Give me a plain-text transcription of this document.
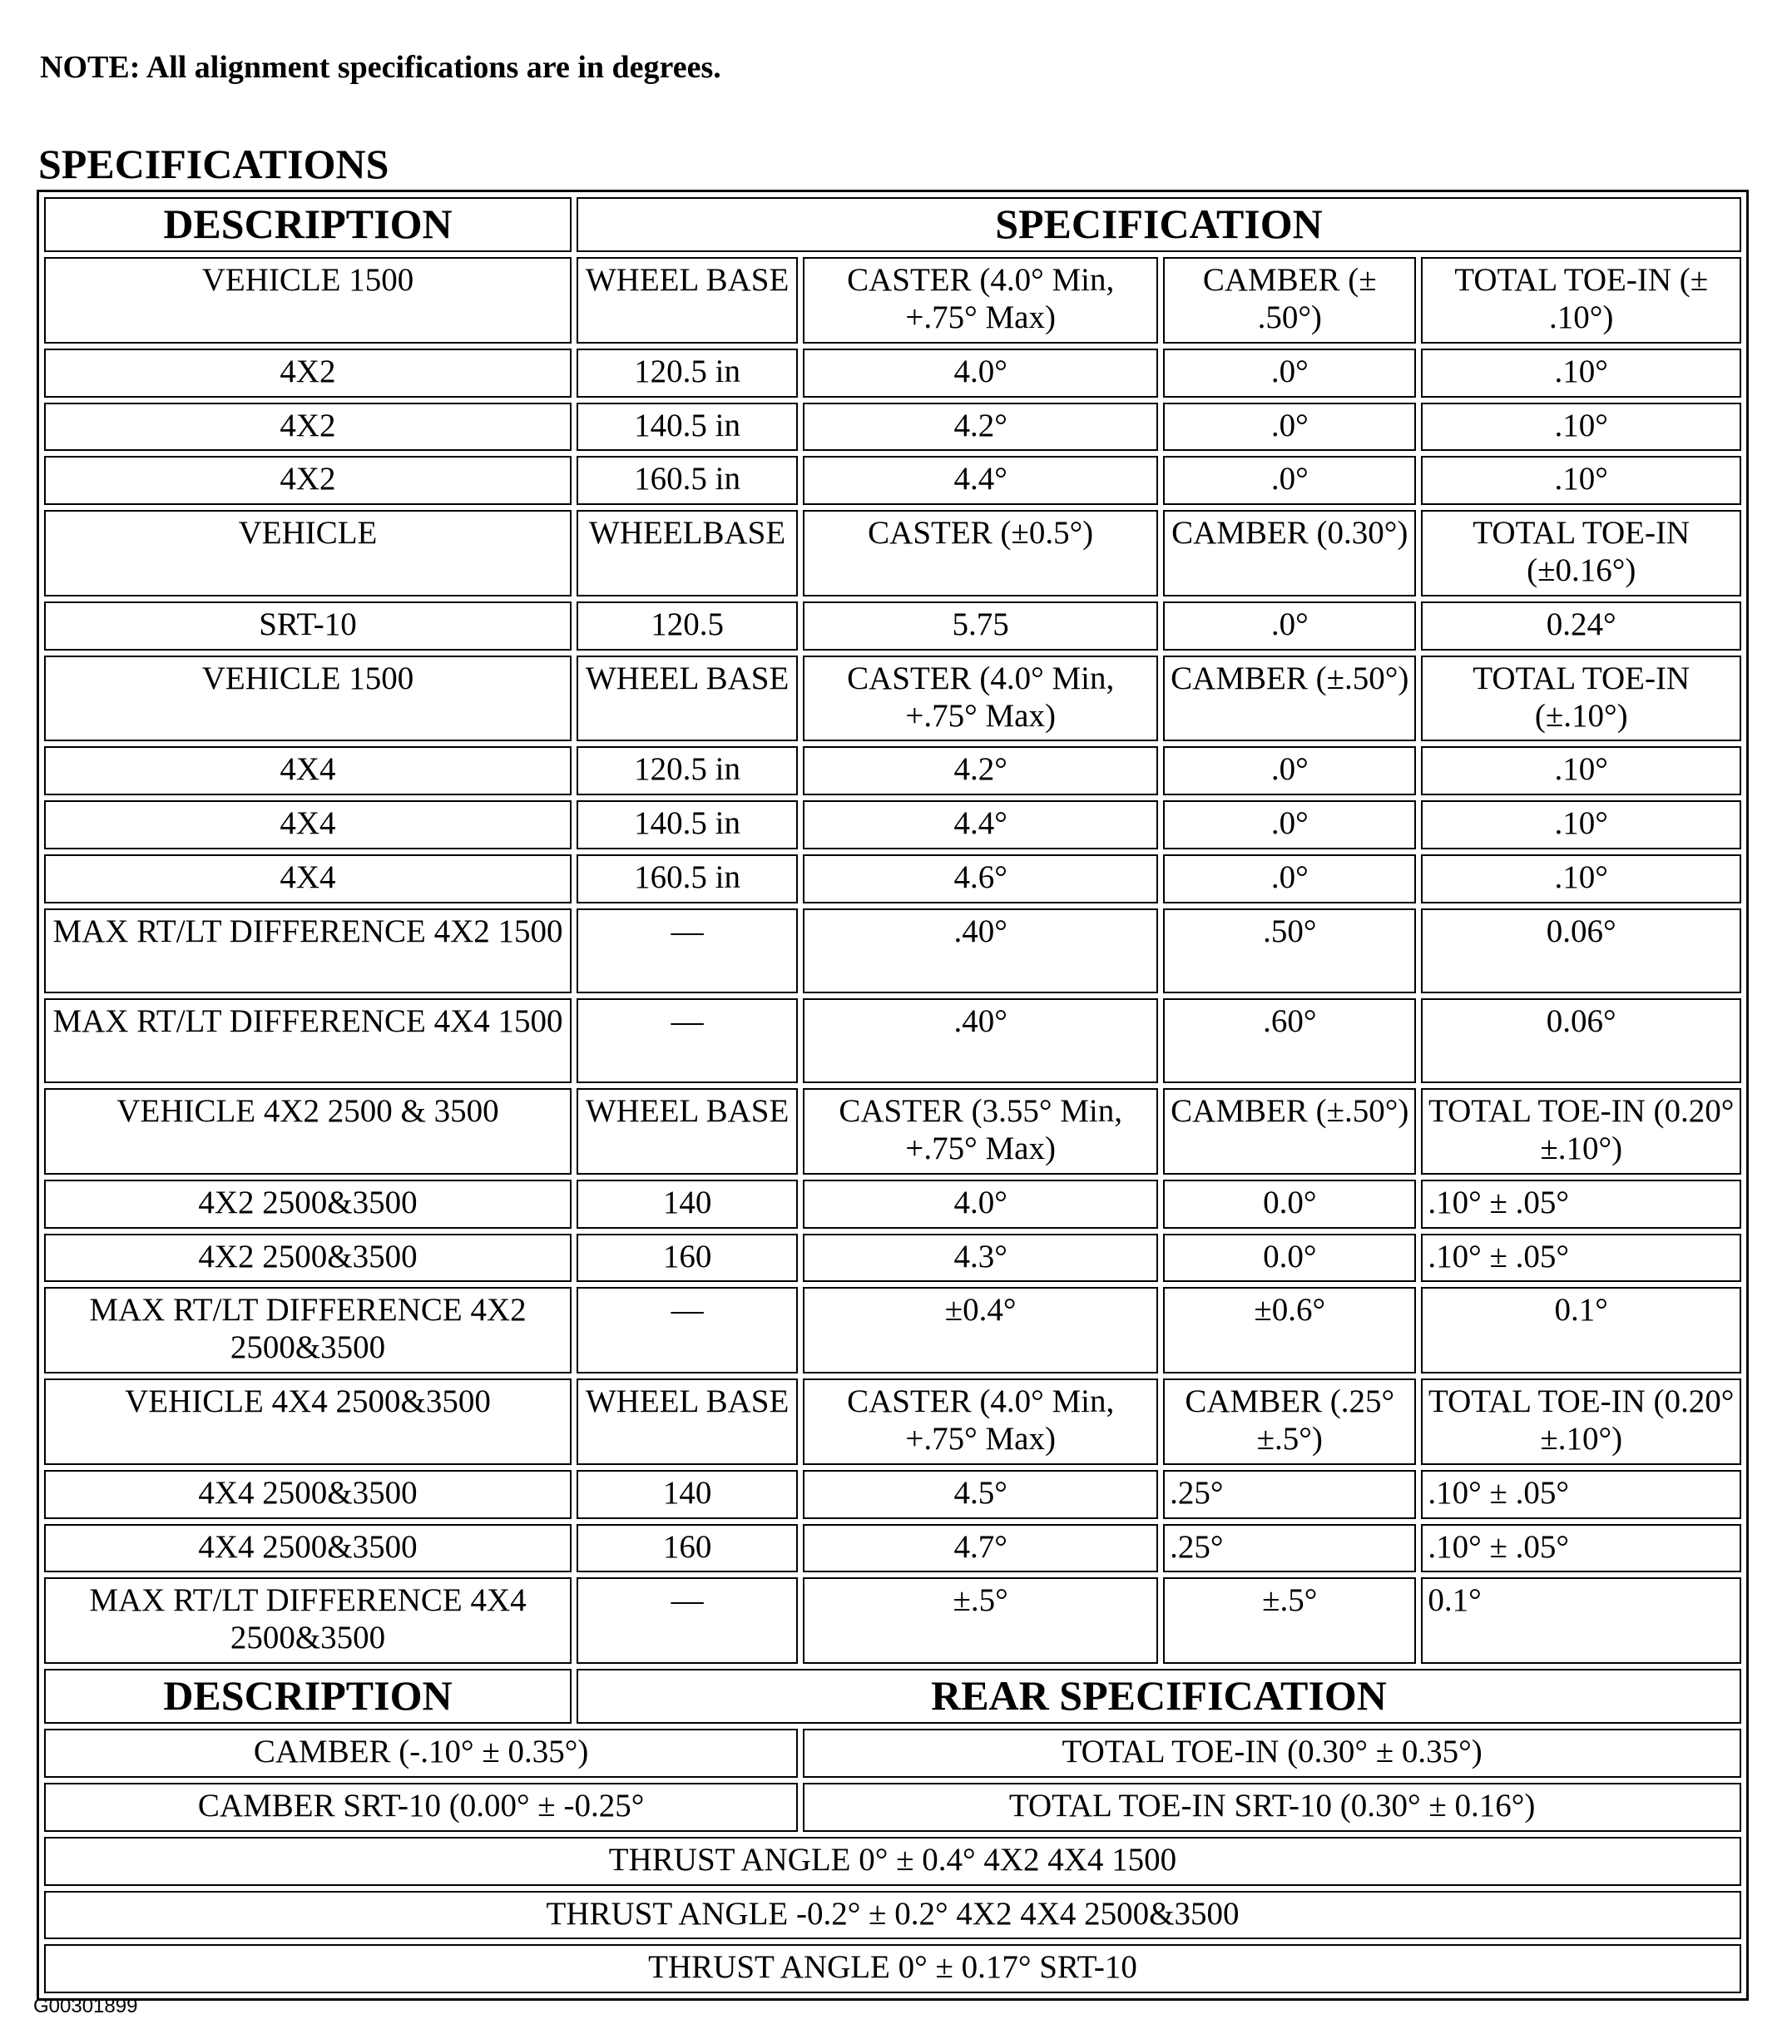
NOTE: All alignment specifications are in degrees.
SPECIFICATIONS
DESCRIPTION	SPECIFICATION			
VEHICLE 1500	WHEEL BASE	CASTER (4.0° Min, +.75° Max)	CAMBER (± .50°)	TOTAL TOE-IN (± .10°)
4X2	120.5 in	4.0°	.0°	.10°
4X2	140.5 in	4.2°	.0°	.10°
4X2	160.5 in	4.4°	.0°	.10°
VEHICLE	WHEELBASE	CASTER (±0.5°)	CAMBER (0.30°)	TOTAL TOE-IN (±0.16°)
SRT-10	120.5	5.75	.0°	0.24°
VEHICLE 1500	WHEEL BASE	CASTER (4.0° Min, +.75° Max)	CAMBER (±.50°)	TOTAL TOE-IN (±.10°)
4X4	120.5 in	4.2°	.0°	.10°
4X4	140.5 in	4.4°	.0°	.10°
4X4	160.5 in	4.6°	.0°	.10°
MAX RT/LT DIFFERENCE 4X2 1500	—	.40°	.50°	0.06°
MAX RT/LT DIFFERENCE 4X4 1500	—	.40°	.60°	0.06°
VEHICLE 4X2 2500 & 3500	WHEEL BASE	CASTER (3.55° Min, +.75° Max)	CAMBER (±.50°)	TOTAL TOE-IN (0.20° ±.10°)
4X2 2500&3500	140	4.0°	0.0°	.10° ± .05°
4X2 2500&3500	160	4.3°	0.0°	.10° ± .05°
MAX RT/LT DIFFERENCE 4X2 2500&3500	—	±0.4°	±0.6°	0.1°
VEHICLE 4X4 2500&3500	WHEEL BASE	CASTER (4.0° Min, +.75° Max)	CAMBER (.25° ±.5°)	TOTAL TOE-IN (0.20° ±.10°)
4X4 2500&3500	140	4.5°	.25°	.10° ± .05°
4X4 2500&3500	160	4.7°	.25°	.10° ± .05°
MAX RT/LT DIFFERENCE 4X4 2500&3500	—	±.5°	±.5°	0.1°
DESCRIPTION	REAR SPECIFICATION			
CAMBER (-.10° ± 0.35°)		TOTAL TOE-IN (0.30° ± 0.35°)		
CAMBER SRT-10 (0.00° ± -0.25°		TOTAL TOE-IN SRT-10 (0.30° ± 0.16°)		
THRUST ANGLE 0° ± 0.4° 4X2 4X4 1500				
THRUST ANGLE -0.2° ± 0.2° 4X2 4X4 2500&3500				
THRUST ANGLE 0° ± 0.17° SRT-10				
G00301899
